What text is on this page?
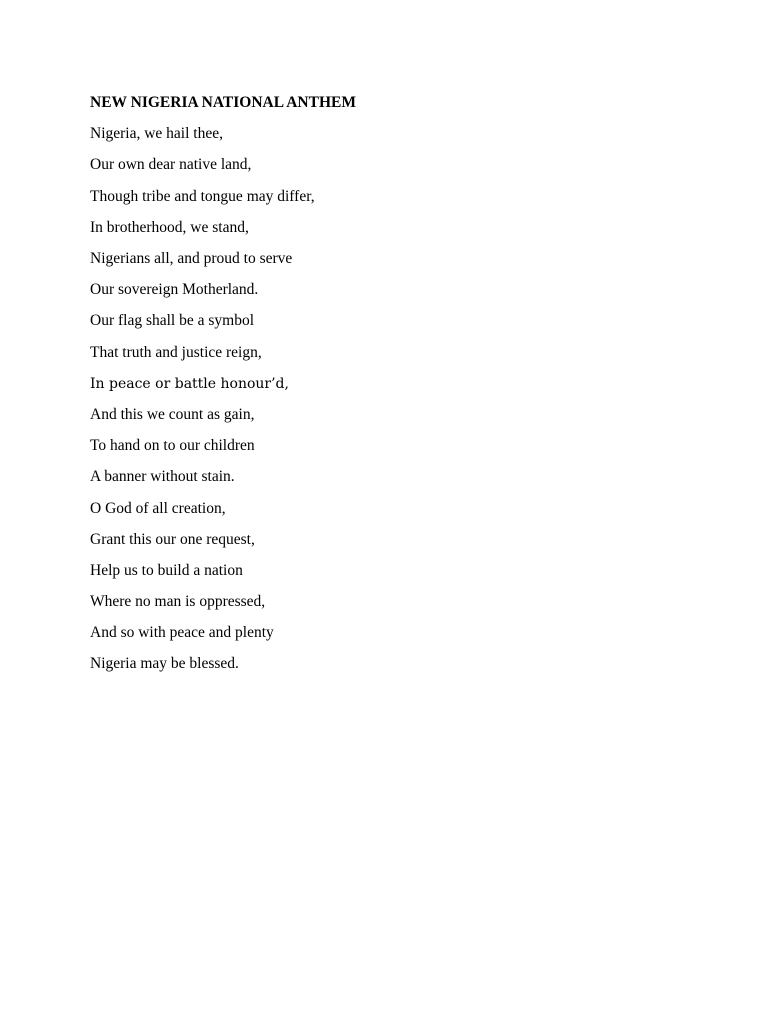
NEW NIGERIA NATIONAL ANTHEM
Nigeria, we hail thee,
Our own dear native land,
Though tribe and tongue may differ,
In brotherhood, we stand,
Nigerians all, and proud to serve
Our sovereign Motherland.
Our flag shall be a symbol
That truth and justice reign,
In peace or battle honour’d,
And this we count as gain,
To hand on to our children
A banner without stain.
O God of all creation,
Grant this our one request,
Help us to build a nation
Where no man is oppressed,
And so with peace and plenty
Nigeria may be blessed.
